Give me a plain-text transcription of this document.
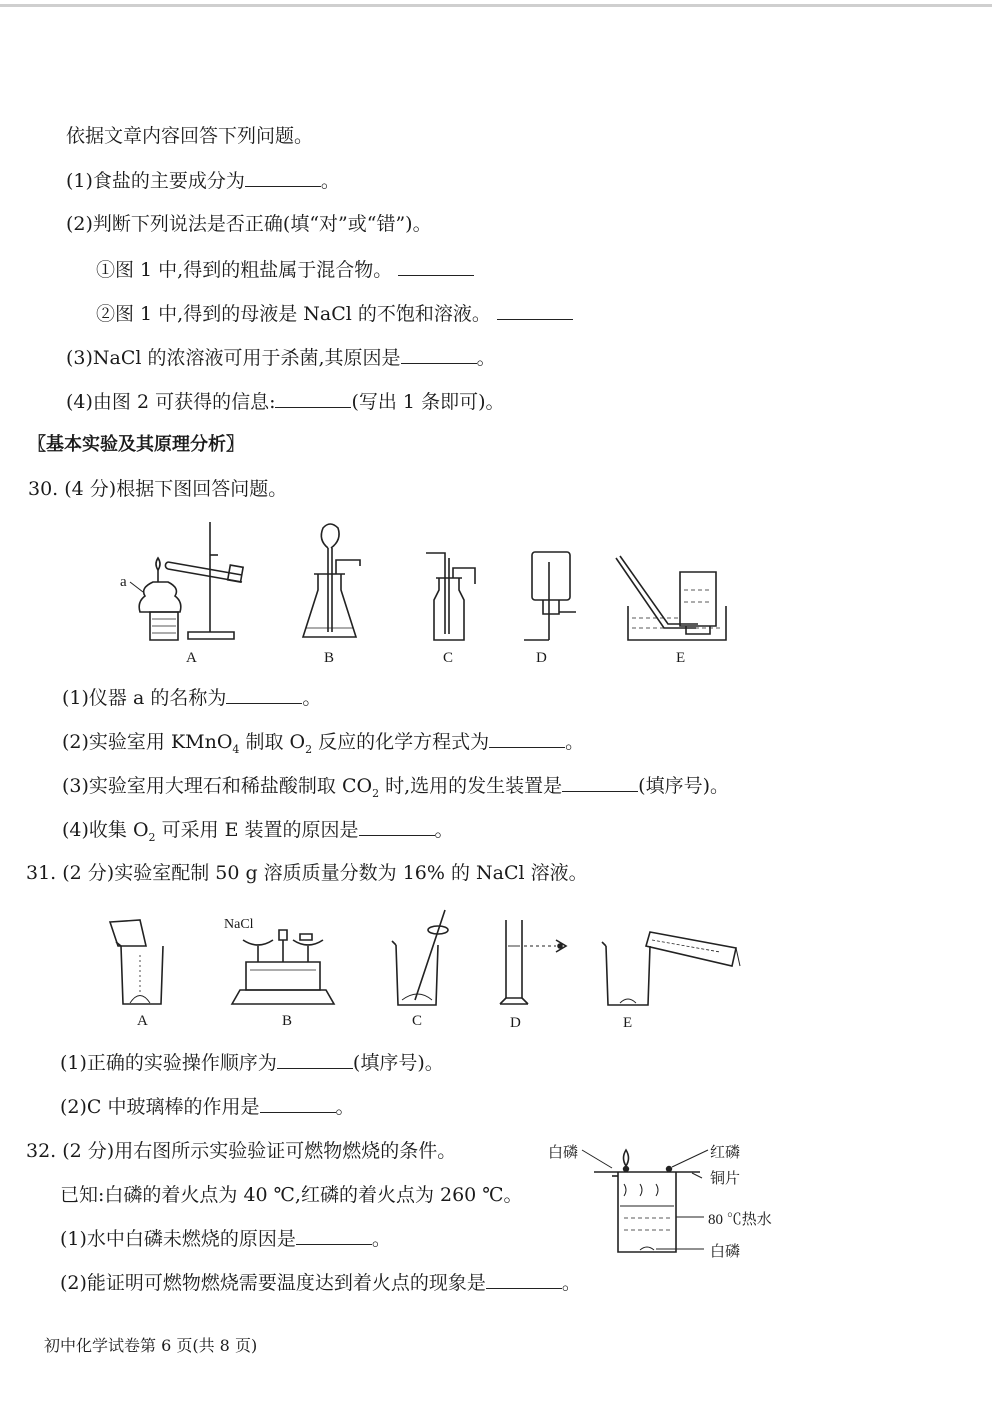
依据文章内容回答下列问题。
(1)食盐的主要成分为	。
(2)判断下列说法是否正确(填“对”或“错”)。
①图 1 中,得到的粗盐属于混合物。
②图 1 中,得到的母液是 NaCl 的不饱和溶液。
(3)NaCl 的浓溶液可用于杀菌,其原因是	。
(4)由图 2 可获得的信息:	(写出 1 条即可)。
〖基本实验及其原理分析〗
30. (4 分)根据下图回答问题。
a
A	B	C	D	E
(1)仪器 a 的名称为	。
(2)实验室用 KMnO$_4$ 制取 $O_2$ 反应的化学方程式为	。
(3)实验室用大理石和稀盐酸制取 $CO_2$ 时,选用的发生装置是	(填序号)。
(4)收集 $O_2$ 可采用 E 装置的原因是	。
31. (2 分)实验室配制 50 g 溶质质量分数为 16% 的 NaCl 溶液。
NaCl
A	B	C	D	E
(1)正确的实验操作顺序为	(填序号)。
(2)C 中玻璃棒的作用是	。
32. (2 分)用右图所示实验验证可燃物燃烧的条件。
已知:白磷的着火点为 40 ℃,红磷的着火点为 260 ℃。
(1)水中白磷未燃烧的原因是	。
(2)能证明可燃物燃烧需要温度达到着火点的现象是	。
白磷	红磷
铜片
80 ℃热水
白磷
初中化学试卷第 6 页(共 8 页)
